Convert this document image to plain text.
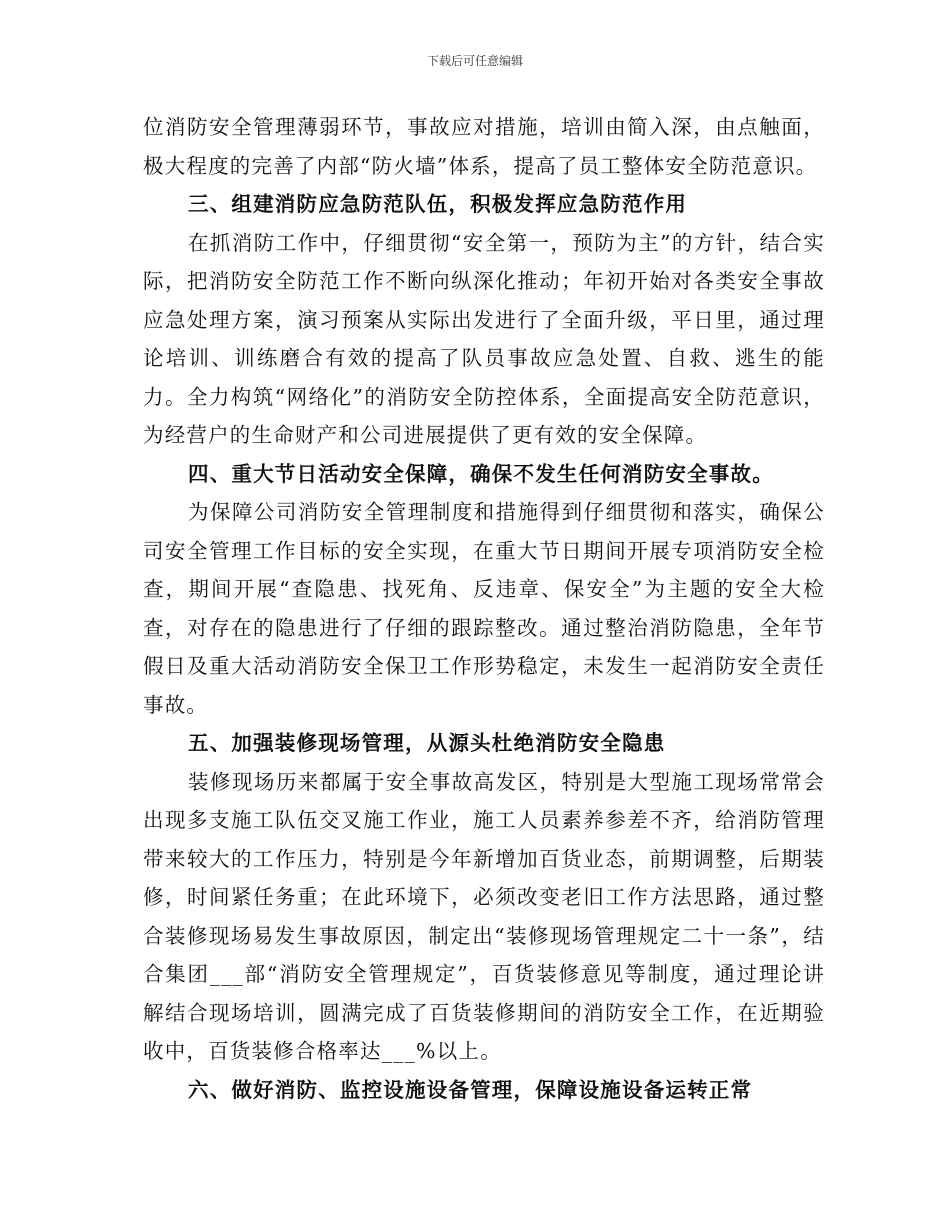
下载后可任意编辑

位消防安全管理薄弱环节，事故应对措施，培训由简入深，由点触面，极大程度的完善了内部“防火墙”体系，提高了员工整体安全防范意识。

三、组建消防应急防范队伍，积极发挥应急防范作用

在抓消防工作中，仔细贯彻“安全第一，预防为主”的方针，结合实际，把消防安全防范工作不断向纵深化推动；年初开始对各类安全事故应急处理方案，演习预案从实际出发进行了全面升级，平日里，通过理论培训、训练磨合有效的提高了队员事故应急处置、自救、逃生的能力。全力构筑“网络化”的消防安全防控体系，全面提高安全防范意识，为经营户的生命财产和公司进展提供了更有效的安全保障。

四、重大节日活动安全保障，确保不发生任何消防安全事故。

为保障公司消防安全管理制度和措施得到仔细贯彻和落实，确保公司安全管理工作目标的安全实现，在重大节日期间开展专项消防安全检查，期间开展“查隐患、找死角、反违章、保安全”为主题的安全大检查，对存在的隐患进行了仔细的跟踪整改。通过整治消防隐患，全年节假日及重大活动消防安全保卫工作形势稳定，未发生一起消防安全责任事故。

五、加强装修现场管理，从源头杜绝消防安全隐患

装修现场历来都属于安全事故高发区，特别是大型施工现场常常会出现多支施工队伍交叉施工作业，施工人员素养参差不齐，给消防管理带来较大的工作压力，特别是今年新增加百货业态，前期调整，后期装修，时间紧任务重；在此环境下，必须改变老旧工作方法思路，通过整合装修现场易发生事故原因，制定出“装修现场管理规定二十一条”，结合集团___部“消防安全管理规定”，百货装修意见等制度，通过理论讲解结合现场培训，圆满完成了百货装修期间的消防安全工作，在近期验收中，百货装修合格率达___%以上。

六、做好消防、监控设施设备管理，保障设施设备运转正常
